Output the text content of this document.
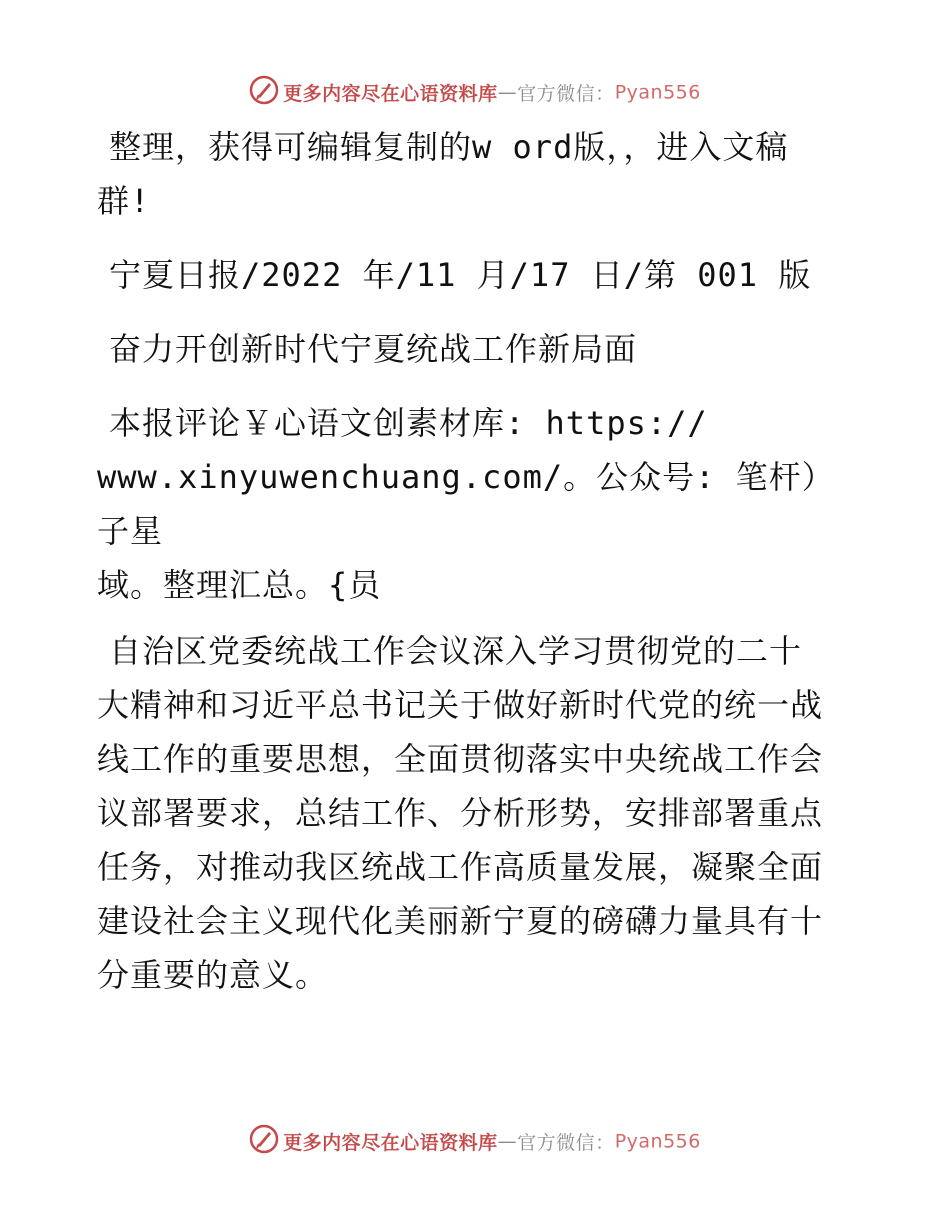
更多内容尽在心语资料库—官方微信：Pyan556

整理，获得可编辑复制的w ord版，，进入文稿

群!

宁夏日报/2022 年/11 月/17 日/第 001 版

奋力开创新时代宁夏统战工作新局面

本报评论￥心语文创素材库: https://

www.xinyuwenchuang.com/。公众号: 笔杆）子星

域。整理汇总。{员

自治区党委统战工作会议深入学习贯彻党的二十

大精神和习近平总书记关于做好新时代党的统一战

线工作的重要思想，全面贯彻落实中央统战工作会

议部署要求，总结工作、分析形势，安排部署重点

任务，对推动我区统战工作高质量发展，凝聚全面

建设社会主义现代化美丽新宁夏的磅礴力量具有十

分重要的意义。

更多内容尽在心语资料库—官方微信：Pyan556
